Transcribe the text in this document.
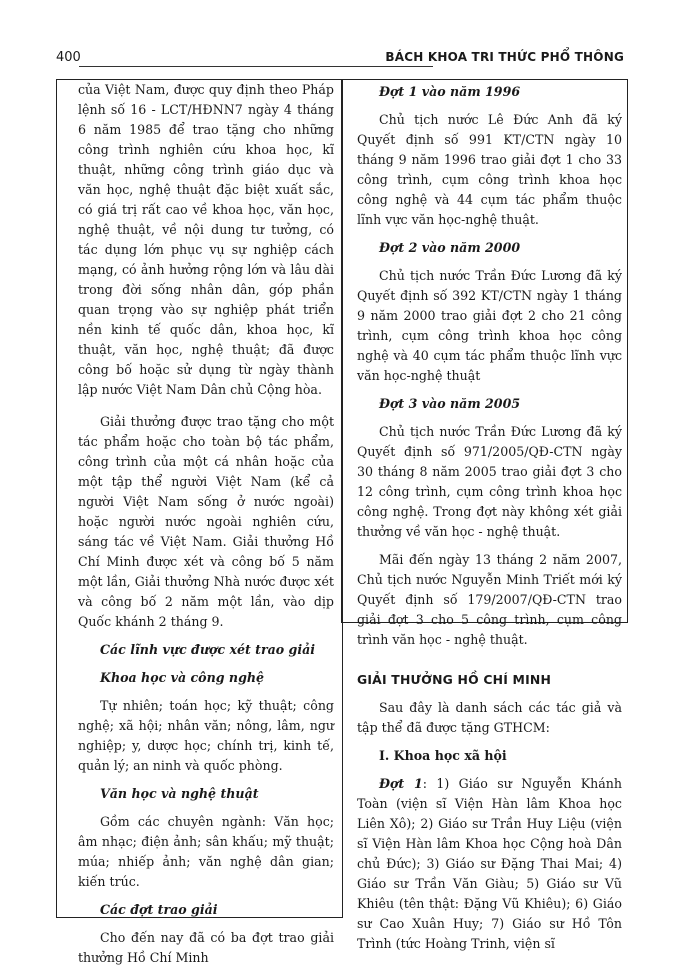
400	BÁCH KHOA TRI THỨC PHỔ THÔNG

của Việt Nam, được quy định theo Pháp lệnh số 16 - LCT/HĐNN7 ngày 4 tháng 6 năm 1985 để trao tặng cho những công trình nghiên cứu khoa học, kĩ thuật, những công trình giáo dục và văn học, nghệ thuật đặc biệt xuất sắc, có giá trị rất cao về khoa học, văn học, nghệ thuật, về nội dung tư tưởng, có tác dụng lớn phục vụ sự nghiệp cách mạng, có ảnh hưởng rộng lớn và lâu dài trong đời sống nhân dân, góp phần quan trọng vào sự nghiệp phát triển nền kinh tế quốc dân, khoa học, kĩ thuật, văn học, nghệ thuật; đã được công bố hoặc sử dụng từ ngày thành lập nước Việt Nam Dân chủ Cộng hòa.

Giải thưởng được trao tặng cho một tác phẩm hoặc cho toàn bộ tác phẩm, công trình của một cá nhân hoặc của một tập thể người Việt Nam (kể cả người Việt Nam sống ở nước ngoài) hoặc người nước ngoài nghiên cứu, sáng tác về Việt Nam. Giải thưởng Hồ Chí Minh được xét và công bố 5 năm một lần, Giải thưởng Nhà nước được xét và công bố 2 năm một lần, vào dịp Quốc khánh 2 tháng 9.

Các lĩnh vực được xét trao giải

Khoa học và công nghệ

Tự nhiên; toán học; kỹ thuật; công nghệ; xã hội; nhân văn; nông, lâm, ngư nghiệp; y, dược học; chính trị, kinh tế, quản lý; an ninh và quốc phòng.

Văn học và nghệ thuật

Gồm các chuyên ngành: Văn học; âm nhạc; điện ảnh; sân khấu; mỹ thuật; múa; nhiếp ảnh; văn nghệ dân gian; kiến trúc.

Các đợt trao giải

Cho đến nay đã có ba đợt trao giải thưởng Hồ Chí Minh

Đợt 1 vào năm 1996

Chủ tịch nước Lê Đức Anh đã ký Quyết định số 991 KT/CTN ngày 10 tháng 9 năm 1996 trao giải đợt 1 cho 33 công trình, cụm công trình khoa học công nghệ và 44 cụm tác phẩm thuộc lĩnh vực văn học-nghệ thuật.

Đợt 2 vào năm 2000

Chủ tịch nước Trần Đức Lương đã ký Quyết định số 392 KT/CTN ngày 1 tháng 9 năm 2000 trao giải đợt 2 cho 21 công trình, cụm công trình khoa học công nghệ và 40 cụm tác phẩm thuộc lĩnh vực văn học-nghệ thuật

Đợt 3 vào năm 2005

Chủ tịch nước Trần Đức Lương đã ký Quyết định số 971/2005/QĐ-CTN ngày 30 tháng 8 năm 2005 trao giải đợt 3 cho 12 công trình, cụm công trình khoa học công nghệ. Trong đợt này không xét giải thưởng về văn học - nghệ thuật.

Mãi đến ngày 13 tháng 2 năm 2007, Chủ tịch nước Nguyễn Minh Triết mới ký Quyết định số 179/2007/QĐ-CTN trao giải đợt 3 cho 5 công trình, cụm công trình văn học - nghệ thuật.

GIẢI THƯỞNG HỒ CHÍ MINH

Sau đây là danh sách các tác giả và tập thể đã được tặng GTHCM:

I. Khoa học xã hội

Đợt 1: 1) Giáo sư Nguyễn Khánh Toàn (viện sĩ Viện Hàn lâm Khoa học Liên Xô); 2) Giáo sư Trần Huy Liệu (viện sĩ Viện Hàn lâm Khoa học Cộng hoà Dân chủ Đức); 3) Giáo sư Đặng Thai Mai; 4) Giáo sư Trần Văn Giàu; 5) Giáo sư Vũ Khiêu (tên thật: Đặng Vũ Khiêu); 6) Giáo sư Cao Xuân Huy; 7) Giáo sư Hồ Tôn Trình (tức Hoàng Trinh, viện sĩ
